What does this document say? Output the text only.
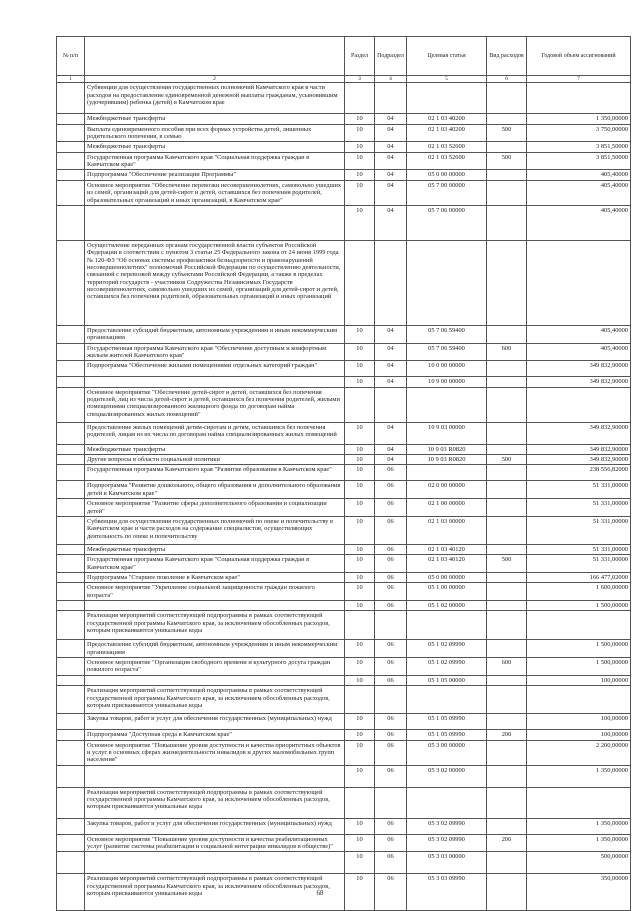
№ п/п		Раздел	Подраздел	Целевая статья	Вид расходов	Годовой объем ассигнований
1	2	3	4	5	6	7
	Субвенции для осуществления государственных полномочий Камчатского края в части расходов на предоставление единовременной денежной выплаты гражданам, усыновившим (удочерившим) ребенка (детей) в Камчатском крае					
	Межбюджетные трансферты	10	04	02 1 03 40200		1 350,00000
	Выплата единовременного пособия при всех формах устройства детей, лишенных родительского попечения, в семью	10	04	02 1 03 40200	500	3 750,00000
	Межбюджетные трансферты	10	04	02 1 03 52600		3 851,50000
	Государственная программа Камчатского края "Социальная поддержка граждан в Камчатском крае"	10	04	02 1 03 52600	500	3 851,50000
	Подпрограмма "Обеспечение реализации Программы"	10	04	05 0 00 00000		405,40000
	Основное мероприятие "Обеспечение перевозки несовершеннолетних, самовольно ушедших из семей, организаций для детей-сирот и детей, оставшихся без попечения родителей, образовательных организаций и иных организаций, в Камчатском крае"	10	04	05 7 00 00000		405,40000
		10	04	05 7 06 00000		405,40000
	Осуществление переданных органам государственной власти субъектов Российской Федерации в соответствии с пунктом 3 статьи 25 Федерального закона от 24 июня 1999 года № 120-ФЗ "Об основах системы профилактики безнадзорности и правонарушений несовершеннолетних" полномочий Российской Федерации по осуществлению деятельности, связанной с перевозкой между субъектами Российской Федерации, а также в пределах территорий государств - участников Содружества Независимых Государств несовершеннолетних, самовольно ушедших из семей, организаций для детей-сирот и детей, оставшихся без попечения родителей, образовательных организаций и иных организаций					
	Предоставление субсидий бюджетным, автономным учреждениям и иным некоммерческим организациям	10	04	05 7 06 59400		405,40000
	Государственная программа Камчатского края "Обеспечение доступным и комфортным жильем жителей Камчатского края"	10	04	05 7 06 59400	600	405,40000
	Подпрограмма "Обеспечение жилыми помещениями отдельных категорий граждан"	10	04	10 0 00 00000		349 832,90000
		10	04	10 9 00 00000		349 832,90000
	Основное мероприятие "Обеспечение детей-сирот и детей, оставшихся без попечения родителей, лиц из числа детей-сирот и детей, оставшихся без попечения родителей, жилыми помещениями специализированного жилищного фонда по договорам найма специализированных жилых помещений"					
	Предоставление жилых помещений детям-сиротам и детям, оставшимся без попечения родителей, лицам из их числа по договорам найма специализированных жилых помещений	10	04	10 9 03 00000		349 832,90000
	Межбюджетные трансферты	10	04	10 9 03 R0820		349 832,90000
	Другие вопросы в области социальной политики	10	04	10 9 03 R0820	500	349 832,90000
	Государственная программа Камчатского края "Развитие образования в Камчатском крае"	10	06			238 556,82000
	Подпрограмма "Развитие дошкольного, общего образования и дополнительного образования детей в Камчатском крае"	10	06	02 0 00 00000		51 331,00000
	Основное мероприятие "Развитие сферы дополнительного образования и социализации детей"	10	06	02 1 00 00000		51 331,00000
	Субвенции для осуществления государственных полномочий по опеке и попечительству в Камчатском крае и части расходов на содержание специалистов, осуществляющих деятельность по опеке и попечительству	10	06	02 1 03 00000		51 331,00000
	Межбюджетные трансферты	10	06	02 1 03 40120		51 331,00000
	Государственная программа Камчатского края "Социальная поддержка граждан в Камчатском крае"	10	06	02 1 03 40120	500	51 331,00000
	Подпрограмма "Старшее поколение в Камчатском крае"	10	06	05 0 00 00000		166 477,02000
	Основное мероприятие "Укрепление социальной защищенности граждан пожилого возраста"	10	06	05 1 00 00000		1 600,00000
		10	06	05 1 02 00000		1 500,00000
	Реализация мероприятий соответствующей подпрограммы в рамках соответствующей государственной программы Камчатского края, за исключением обособленных расходов, которым присваиваются уникальные коды					
	Предоставление субсидий бюджетным, автономным учреждениям и иным некоммерческим организациям	10	06	05 1 02 09990		1 500,00000
	Основное мероприятие "Организация свободного времени и культурного досуга граждан пожилого возраста"	10	06	05 1 02 09990	600	1 500,00000
		10	06	05 1 05 00000		100,00000
	Реализация мероприятий соответствующей подпрограммы в рамках соответствующей государственной программы Камчатского края, за исключением обособленных расходов, которым присваиваются уникальные коды					
	Закупка товаров, работ и услуг для обеспечения государственных (муниципальных) нужд	10	06	05 1 05 09990		100,00000
	Подпрограмма "Доступная среда в Камчатском крае"	10	06	05 1 05 09990	200	100,00000
	Основное мероприятие "Повышение уровня доступности и качества приоритетных объектов и услуг в основных сферах жизнедеятельности инвалидов и других маломобильных групп населения"	10	06	05 3 00 00000		2 200,00000
		10	06	05 3 02 00000		1 350,00000
	Реализация мероприятий соответствующей подпрограммы в рамках соответствующей государственной программы Камчатского края, за исключением обособленных расходов, которым присваиваются уникальные коды					
	Закупка товаров, работ и услуг для обеспечения государственных (муниципальных) нужд	10	06	05 3 02 09990		1 350,00000
	Основное мероприятие "Повышение уровня доступности и качества реабилитационных услуг (развитие системы реабилитации и социальной интеграции инвалидов в обществе)"	10	06	05 3 02 09990	200	1 350,00000
		10	06	05 3 03 00000		500,00000
	Реализация мероприятий соответствующей подпрограммы в рамках соответствующей государственной программы Камчатского края, за исключением обособленных расходов, которым присваиваются уникальные коды	10	06	05 3 03 09990		350,00000
68
